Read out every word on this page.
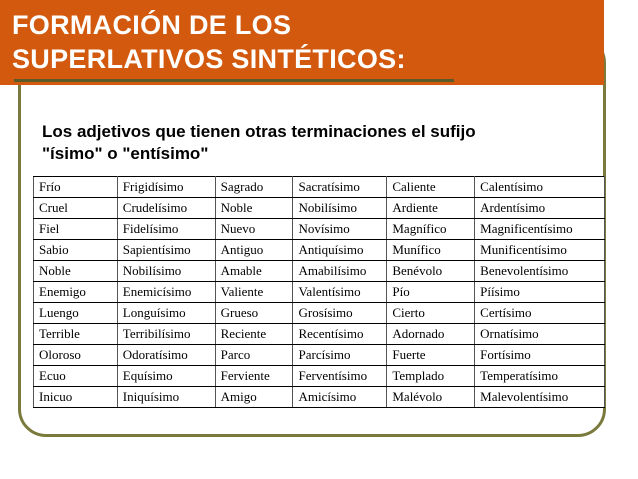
FORMACIÓN DE LOS
SUPERLATIVOS SINTÉTICOS:
Los adjetivos que tienen otras terminaciones el sufijo
"ísimo" o "entísimo"
Frío	Frigidísimo	Sagrado	Sacratísimo	Caliente	Calentísimo
Cruel	Crudelísimo	Noble	Nobilísimo	Ardiente	Ardentísimo
Fiel	Fidelísimo	Nuevo	Novísimo	Magnífico	Magnificentísimo
Sabio	Sapientísimo	Antiguo	Antiquísimo	Munífico	Munificentísimo
Noble	Nobilísimo	Amable	Amabilísimo	Benévolo	Benevolentísimo
Enemigo	Enemicísimo	Valiente	Valentísimo	Pío	Píísimo
Luengo	Longuísimo	Grueso	Grosísimo	Cierto	Certísimo
Terrible	Terribilísimo	Reciente	Recentísimo	Adornado	Ornatísimo
Oloroso	Odoratísimo	Parco	Parcísimo	Fuerte	Fortísimo
Ecuo	Equísimo	Ferviente	Ferventísimo	Templado	Temperatísimo
Inicuo	Iniquísimo	Amigo	Amicísimo	Malévolo	Malevolentísimo
